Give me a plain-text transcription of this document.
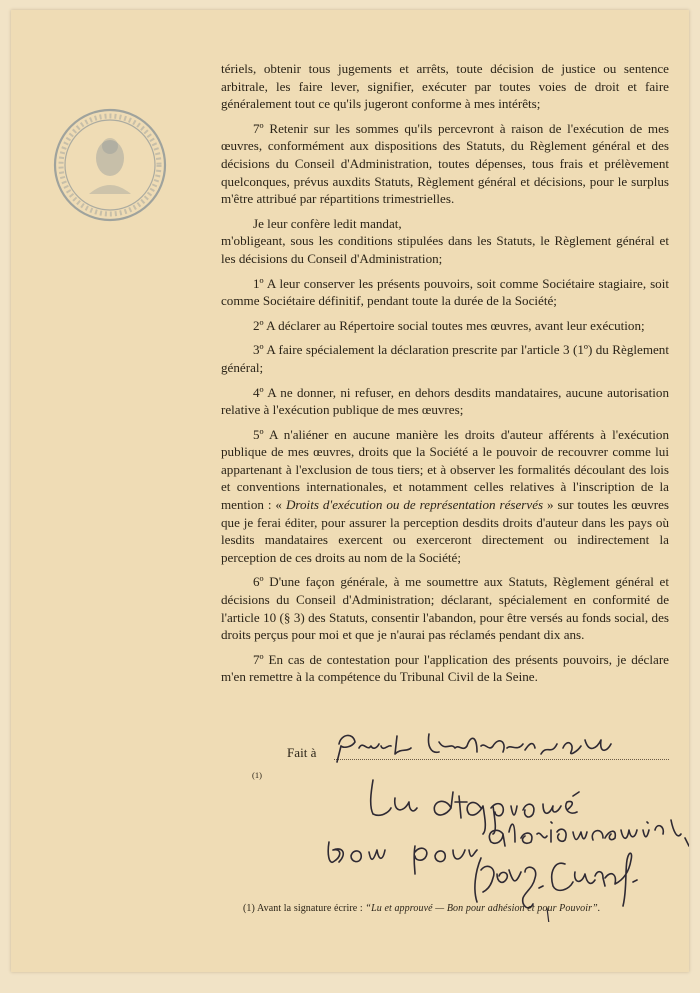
tériels, obtenir tous jugements et arrêts, toute décision de justice ou sentence arbitrale, les faire lever, signifier, exécuter par toutes voies de droit et faire généralement tout ce qu'ils jugeront conforme à mes intérêts;

7º Retenir sur les sommes qu'ils percevront à raison de l'exécution de mes œuvres, conformément aux dispositions des Statuts, du Règlement général et des décisions du Conseil d'Administration, toutes dépenses, tous frais et prélèvement quelconques, prévus auxdits Statuts, Règlement général et décisions, pour le surplus m'être attribué par répartitions trimestrielles.

Je leur confère ledit mandat,

m'obligeant, sous les conditions stipulées dans les Statuts, le Règlement général et les décisions du Conseil d'Administration;

1º A leur conserver les présents pouvoirs, soit comme Sociétaire stagiaire, soit comme Sociétaire définitif, pendant toute la durée de la Société;

2º A déclarer au Répertoire social toutes mes œuvres, avant leur exécution;

3º A faire spécialement la déclaration prescrite par l'article 3 (1º) du Règlement général;

4º A ne donner, ni refuser, en dehors desdits mandataires, aucune autorisation relative à l'exécution publique de mes œuvres;

5º A n'aliéner en aucune manière les droits d'auteur afférents à l'exécution publique de mes œuvres, droits que la Société a le pouvoir de recouvrer comme lui appartenant à l'exclusion de tous tiers; et à observer les formalités découlant des lois et conventions internationales, et notamment celles relatives à l'inscription de la mention : « Droits d'exécution ou de représentation réservés » sur toutes les œuvres que je ferai éditer, pour assurer la perception desdits droits d'auteur dans les pays où lesdits mandataires exercent ou exerceront directement ou indirectement la perception de ces droits au nom de la Société;

6º D'une façon générale, à me soumettre aux Statuts, Règlement général et décisions du Conseil d'Administration; déclarant, spécialement en conformité de l'article 10 (§ 3) des Statuts, consentir l'abandon, pour être versés au fonds social, des droits perçus pour moi et que je n'aurai pas réclamés pendant dix ans.

7º En cas de contestation pour l'application des présents pouvoirs, je déclare m'en remettre à la compétence du Tribunal Civil de la Seine.

Fait à
(1)
(1) Avant la signature écrire : “Lu et approuvé — Bon pour adhésion et pour Pouvoir”.
